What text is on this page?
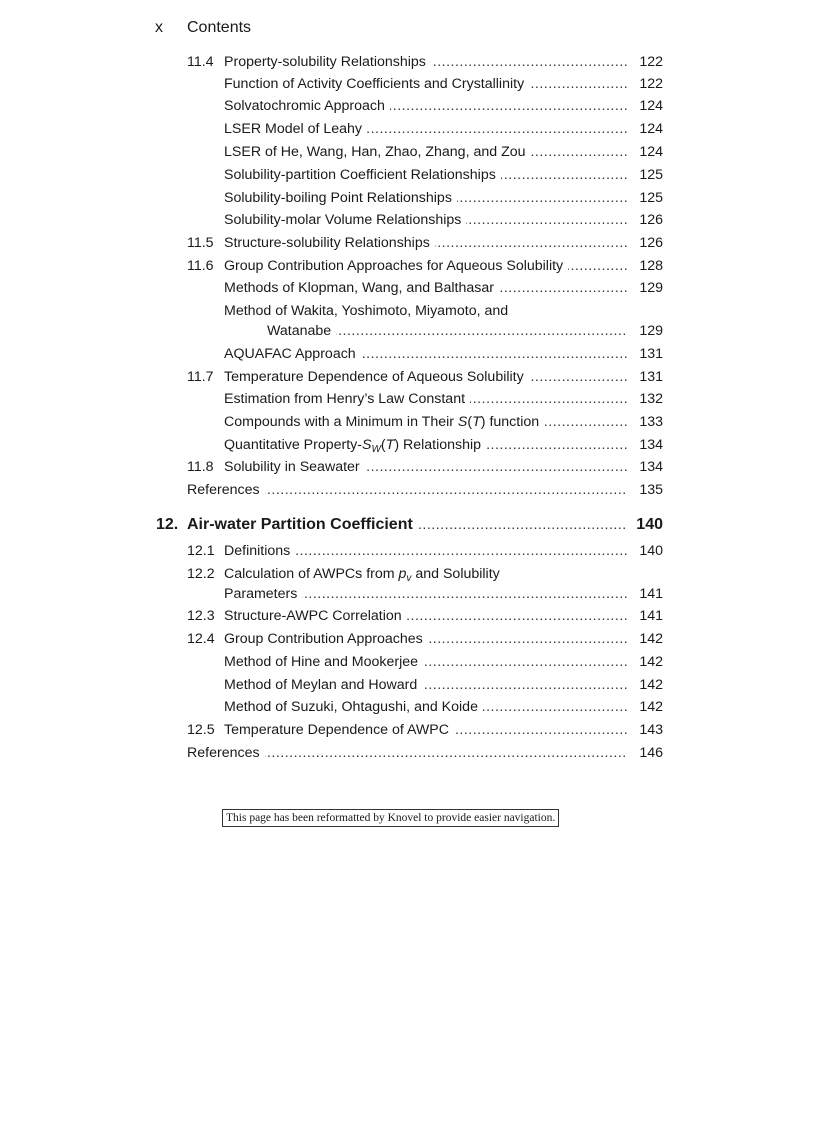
x Contents
11.4 Property-solubility Relationships .....	122
Function of Activity Coefficients and Crystallinity .....	122
Solvatochromic Approach .....	124
LSER Model of Leahy .....	124
LSER of He, Wang, Han, Zhao, Zhang, and Zou .....	124
Solubility-partition Coefficient Relationships .....	125
Solubility-boiling Point Relationships .....	125
Solubility-molar Volume Relationships .....	126
11.5 Structure-solubility Relationships .....	126
11.6 Group Contribution Approaches for Aqueous Solubility .....	128
Methods of Klopman, Wang, and Balthasar .....	129
Method of Wakita, Yoshimoto, Miyamoto, and
Watanabe .....	129
AQUAFAC Approach .....	131
11.7 Temperature Dependence of Aqueous Solubility .....	131
Estimation from Henry’s Law Constant .....	132
Compounds with a Minimum in Their S(T) function .....	133
Quantitative Property-$S_W(T)$ Relationship .....	134
11.8 Solubility in Seawater .....	134
References .....	135
12. Air-water Partition Coefficient .....	140
12.1 Definitions .....	140
12.2 Calculation of AWPCs from $p_v$ and Solubility
Parameters .....	141
12.3 Structure-AWPC Correlation .....	141
12.4 Group Contribution Approaches .....	142
Method of Hine and Mookerjee .....	142
Method of Meylan and Howard .....	142
Method of Suzuki, Ohtagushi, and Koide .....	142
12.5 Temperature Dependence of AWPC .....	143
References .....	146
This page has been reformatted by Knovel to provide easier navigation.
